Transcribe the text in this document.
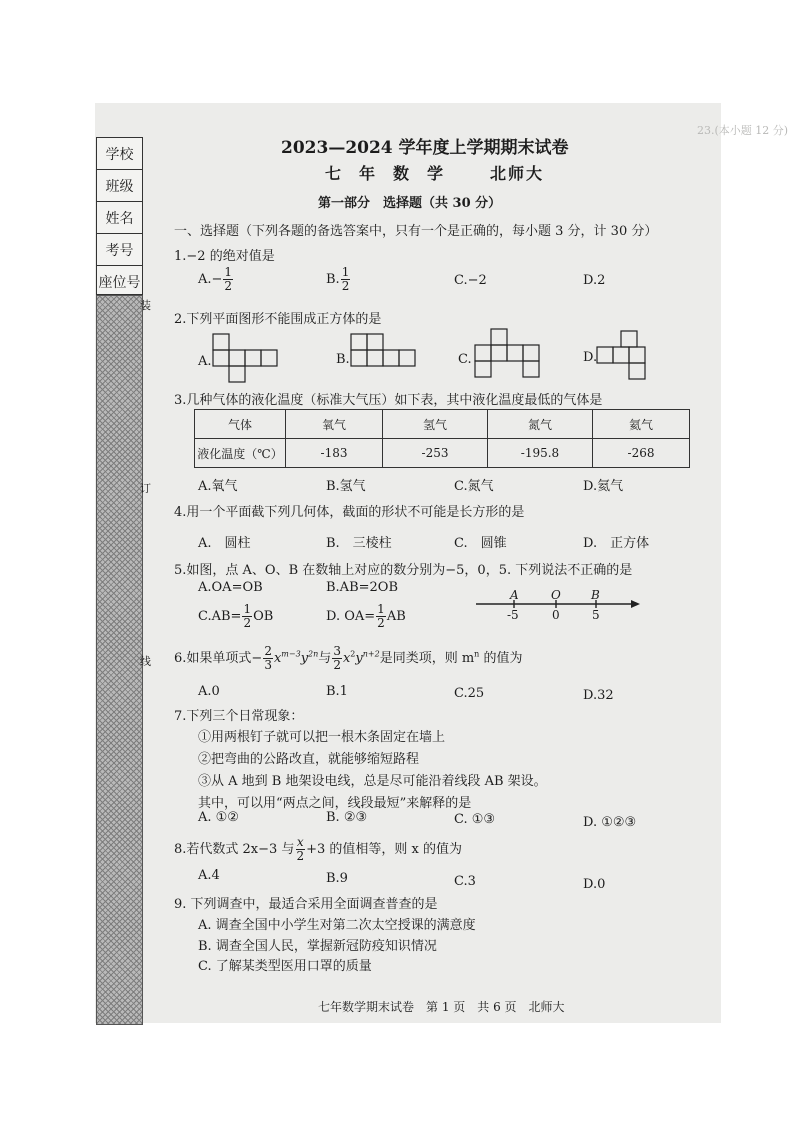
23.(本小题 12 分)
学校
班级
姓名
考号
座位号
装
订
线
2023—2024 学年度上学期期末试卷
七年数学 北师大
第一部分　选择题（共 30 分）
一、选择题（下列各题的备选答案中，只有一个是正确的，每小题 3 分，计 30 分）
1.−2 的绝对值是
$A.- \frac{1}{2}$	B. $\frac{1}{2}$	C.−2	D.2
2.下列平面图形不能围成正方体的是
A.	B.	C.	D.
3.几种气体的液化温度（标准大气压）如下表，其中液化温度最低的气体是
气体	氧气	氢气	氮气	氦气
液化温度（℃）	-183	-253	-195.8	-268
A.氧气	B.氢气	C.氮气	D.氦气
4.用一个平面截下列几何体，截面的形状不可能是长方形的是
A.　圆柱	B.　三棱柱	C.　圆锥	D.　正方体
5.如图，点 A、O、B 在数轴上对应的数分别为−5，0，5. 下列说法不正确的是
A.OA=OB	B.AB=2OB
$C.AB= \frac{1}{2}$ OB	D. $OA= \frac{1}{2}$ AB
A	O	B
-5	0	5
6.如果单项式− $\frac{2}{3} x^{m-3}y^{2n}$与 $\frac{3}{2} x^2y^{n+2}$是同类项，则 $m^n$ 的值为
A.0	B.1	C.25	D.32
7.下列三个日常现象：
①用两根钉子就可以把一根木条固定在墙上
②把弯曲的公路改直，就能够缩短路程
③从 A 地到 B 地架设电线，总是尽可能沿着线段 AB 架设。
其中，可以用“两点之间，线段最短”来解释的是
A. ①②	B. ②③	C. ①③	D. ①②③
8.若代数式 2x−3 与 $\frac{x}{2} +3$ 的值相等，则 x 的值为
A.4	B.9	C.3	D.0
9. 下列调查中，最适合采用全面调查普查的是
A. 调查全国中小学生对第二次太空授课的满意度
B. 调查全国人民，掌握新冠防疫知识情况
C. 了解某类型医用口罩的质量
七年数学期末试卷　第 1 页　共 6 页　北师大
